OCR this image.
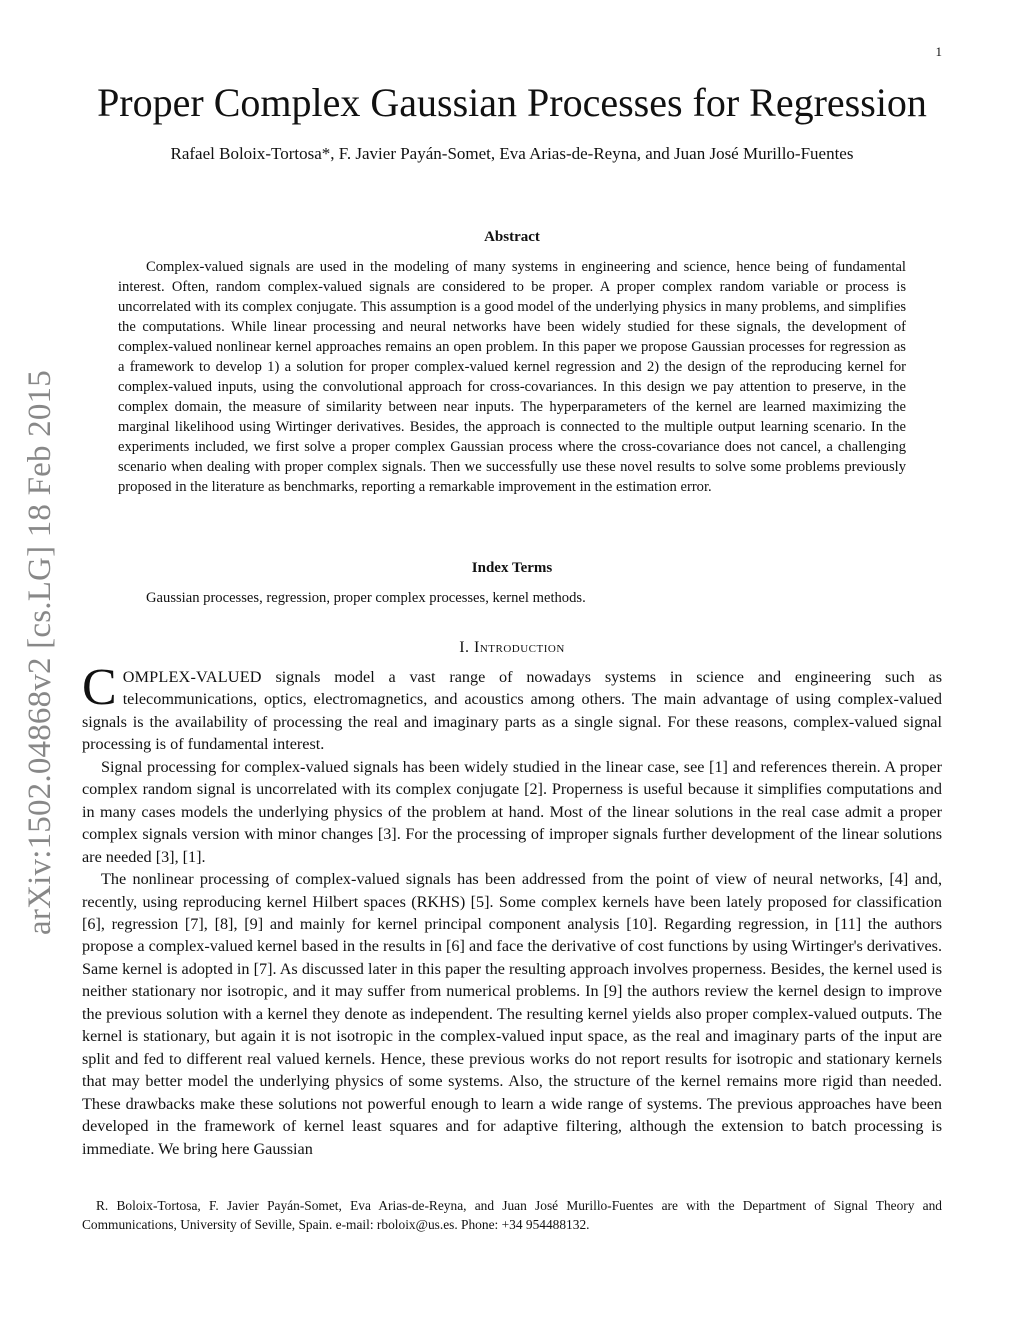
1
arXiv:1502.04868v2 [cs.LG] 18 Feb 2015
Proper Complex Gaussian Processes for Regression
Rafael Boloix-Tortosa*, F. Javier Payán-Somet, Eva Arias-de-Reyna, and Juan José Murillo-Fuentes
Abstract

Complex-valued signals are used in the modeling of many systems in engineering and science, hence being of fundamental interest. Often, random complex-valued signals are considered to be proper. A proper complex random variable or process is uncorrelated with its complex conjugate. This assumption is a good model of the underlying physics in many problems, and simplifies the computations. While linear processing and neural networks have been widely studied for these signals, the development of complex-valued nonlinear kernel approaches remains an open problem. In this paper we propose Gaussian processes for regression as a framework to develop 1) a solution for proper complex-valued kernel regression and 2) the design of the reproducing kernel for complex-valued inputs, using the convolutional approach for cross-covariances. In this design we pay attention to preserve, in the complex domain, the measure of similarity between near inputs. The hyperparameters of the kernel are learned maximizing the marginal likelihood using Wirtinger derivatives. Besides, the approach is connected to the multiple output learning scenario. In the experiments included, we first solve a proper complex Gaussian process where the cross-covariance does not cancel, a challenging scenario when dealing with proper complex signals. Then we successfully use these novel results to solve some problems previously proposed in the literature as benchmarks, reporting a remarkable improvement in the estimation error.

Index Terms

Gaussian processes, regression, proper complex processes, kernel methods.

I. Introduction

COMPLEX-VALUED signals model a vast range of nowadays systems in science and engineering such as telecommunications, optics, electromagnetics, and acoustics among others. The main advantage of using complex-valued signals is the availability of processing the real and imaginary parts as a single signal. For these reasons, complex-valued signal processing is of fundamental interest.

Signal processing for complex-valued signals has been widely studied in the linear case, see [1] and references therein. A proper complex random signal is uncorrelated with its complex conjugate [2]. Properness is useful because it simplifies computations and in many cases models the underlying physics of the problem at hand. Most of the linear solutions in the real case admit a proper complex signals version with minor changes [3]. For the processing of improper signals further development of the linear solutions are needed [3], [1].

The nonlinear processing of complex-valued signals has been addressed from the point of view of neural networks, [4] and, recently, using reproducing kernel Hilbert spaces (RKHS) [5]. Some complex kernels have been lately proposed for classification [6], regression [7], [8], [9] and mainly for kernel principal component analysis [10]. Regarding regression, in [11] the authors propose a complex-valued kernel based in the results in [6] and face the derivative of cost functions by using Wirtinger's derivatives. Same kernel is adopted in [7]. As discussed later in this paper the resulting approach involves properness. Besides, the kernel used is neither stationary nor isotropic, and it may suffer from numerical problems. In [9] the authors review the kernel design to improve the previous solution with a kernel they denote as independent. The resulting kernel yields also proper complex-valued outputs. The kernel is stationary, but again it is not isotropic in the complex-valued input space, as the real and imaginary parts of the input are split and fed to different real valued kernels. Hence, these previous works do not report results for isotropic and stationary kernels that may better model the underlying physics of some systems. Also, the structure of the kernel remains more rigid than needed. These drawbacks make these solutions not powerful enough to learn a wide range of systems. The previous approaches have been developed in the framework of kernel least squares and for adaptive filtering, although the extension to batch processing is immediate. We bring here Gaussian

R. Boloix-Tortosa, F. Javier Payán-Somet, Eva Arias-de-Reyna, and Juan José Murillo-Fuentes are with the Department of Signal Theory and Communications, University of Seville, Spain. e-mail: rboloix@us.es. Phone: +34 954488132.
